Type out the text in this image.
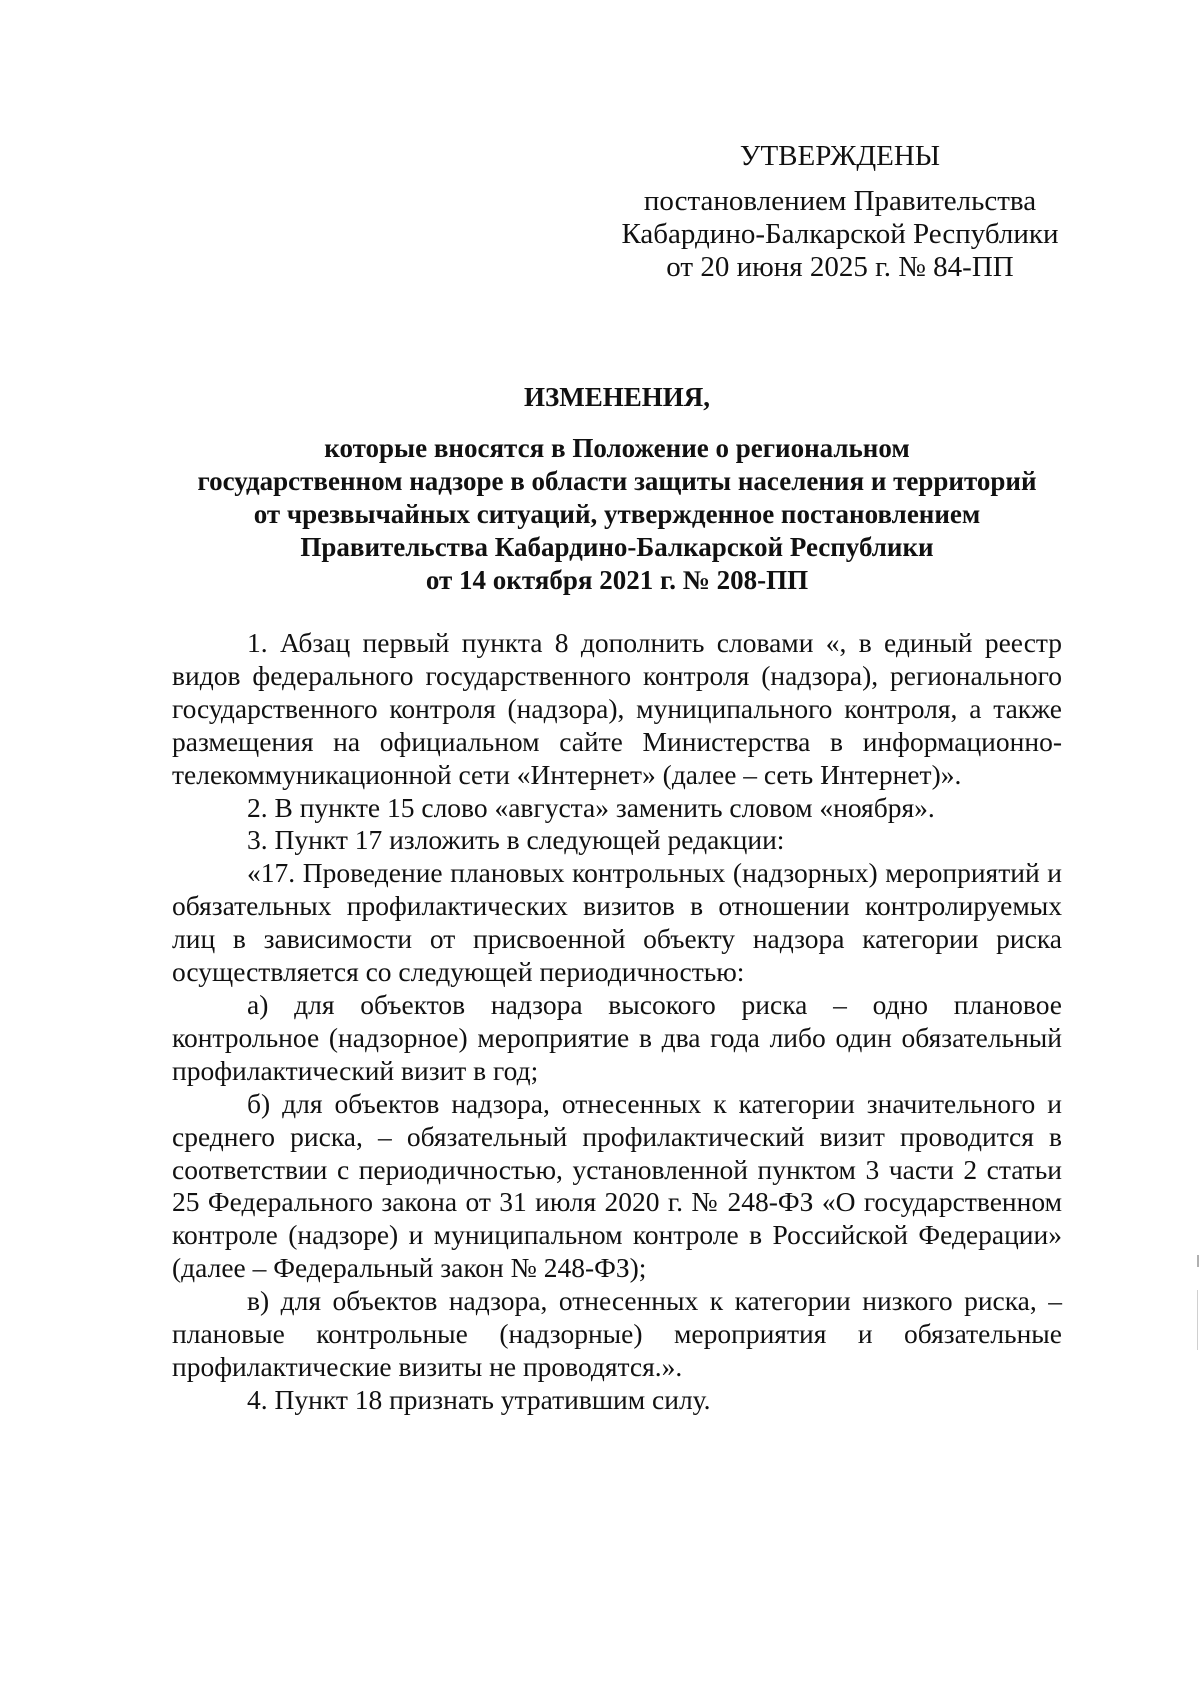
УТВЕРЖДЕНЫ
постановлением Правительства
Кабардино-Балкарской Республики
от 20 июня 2025 г. № 84-ПП
ИЗМЕНЕНИЯ,
которые вносятся в Положение о региональном
государственном надзоре в области защиты населения и территорий
от чрезвычайных ситуаций, утвержденное постановлением
Правительства Кабардино-Балкарской Республики
от 14 октября 2021 г. № 208-ПП

1. Абзац первый пункта 8 дополнить словами «, в единый реестр видов федерального государственного контроля (надзора), регионального государственного контроля (надзора), муниципального контроля, а также размещения на официальном сайте Министерства в информационно-телекоммуникационной сети «Интернет» (далее – сеть Интернет)».

2. В пункте 15 слово «августа» заменить словом «ноября».

3. Пункт 17 изложить в следующей редакции:

«17. Проведение плановых контрольных (надзорных) мероприятий и обязательных профилактических визитов в отношении контролируемых лиц в зависимости от присвоенной объекту надзора категории риска осуществляется со следующей периодичностью:

а) для объектов надзора высокого риска – одно плановое контрольное (надзорное) мероприятие в два года либо один обязательный профилактический визит в год;

б) для объектов надзора, отнесенных к категории значительного и среднего риска, – обязательный профилактический визит проводится в соответствии с периодичностью, установленной пунктом 3 части 2 статьи 25 Федерального закона от 31 июля 2020 г. № 248-ФЗ «О государственном контроле (надзоре) и муниципальном контроле в Российской Федерации» (далее – Федеральный закон № 248-ФЗ);

в) для объектов надзора, отнесенных к категории низкого риска, – плановые контрольные (надзорные) мероприятия и обязательные профилактические визиты не проводятся.».

4. Пункт 18 признать утратившим силу.
